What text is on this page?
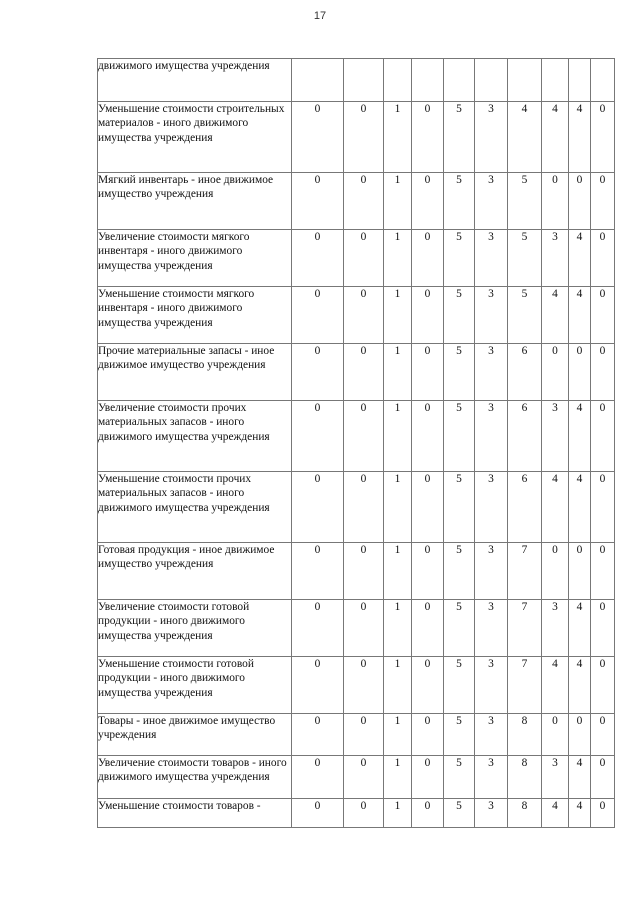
17
движимого имущества учреждения										
Уменьшение стоимости строительных материалов - иного движимого имущества учреждения	0	0	1	0	5	3	4	4	4	0
Мягкий инвентарь - иное движимое имущество учреждения	0	0	1	0	5	3	5	0	0	0
Увеличение стоимости мягкого инвентаря - иного движимого имущества учреждения	0	0	1	0	5	3	5	3	4	0
Уменьшение стоимости мягкого инвентаря - иного движимого имущества учреждения	0	0	1	0	5	3	5	4	4	0
Прочие материальные запасы - иное движимое имущество учреждения	0	0	1	0	5	3	6	0	0	0
Увеличение стоимости прочих материальных запасов - иного движимого имущества учреждения	0	0	1	0	5	3	6	3	4	0
Уменьшение стоимости прочих материальных запасов - иного движимого имущества учреждения	0	0	1	0	5	3	6	4	4	0
Готовая продукция - иное движимое имущество учреждения	0	0	1	0	5	3	7	0	0	0
Увеличение стоимости готовой продукции - иного движимого имущества учреждения	0	0	1	0	5	3	7	3	4	0
Уменьшение стоимости готовой продукции - иного движимого имущества учреждения	0	0	1	0	5	3	7	4	4	0
Товары - иное движимое имущество учреждения	0	0	1	0	5	3	8	0	0	0
Увеличение стоимости товаров - иного движимого имущества учреждения	0	0	1	0	5	3	8	3	4	0
Уменьшение стоимости товаров -	0	0	1	0	5	3	8	4	4	0
